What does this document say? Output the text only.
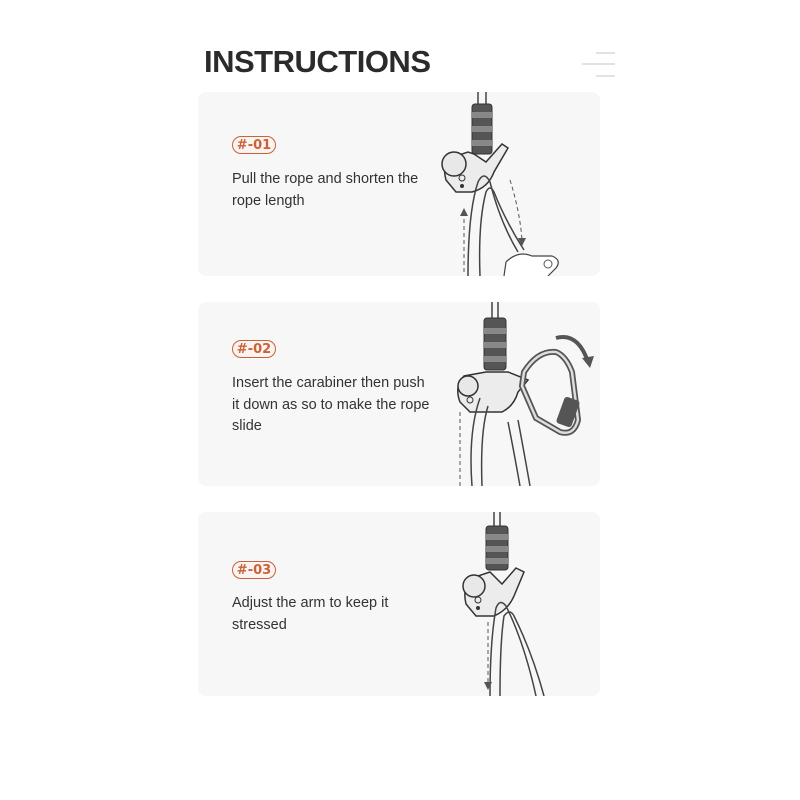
INSTRUCTIONS
#-01
Pull the rope and shorten the
rope length
#-02
Insert the carabiner then push
it down as so to make the rope
slide
#-03
Adjust the arm to keep it
stressed
